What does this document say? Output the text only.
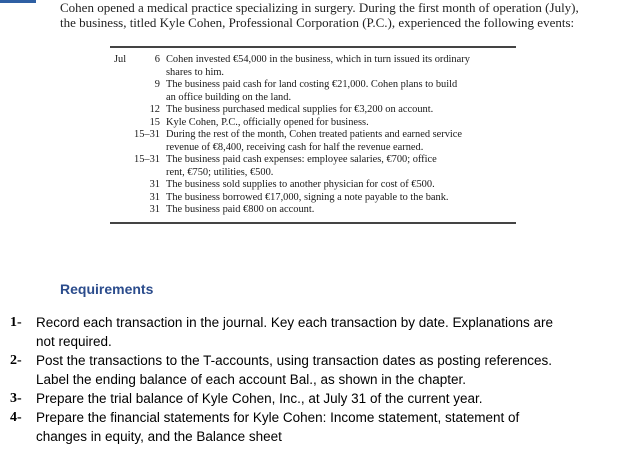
Cohen opened a medical practice specializing in surgery. During the first month of operation (July),
the business, titled Kyle Cohen, Professional Corporation (P.C.), experienced the following events:
Jul	6 Cohen invested €54,000 in the business, which in turn issued its ordinary
shares to him.
9 The business paid cash for land costing €21,000. Cohen plans to build
an office building on the land.
12 The business purchased medical supplies for €3,200 on account.
15 Kyle Cohen, P.C., officially opened for business.
15–31 During the rest of the month, Cohen treated patients and earned service
revenue of €8,400, receiving cash for half the revenue earned.
15–31 The business paid cash expenses: employee salaries, €700; office
rent, €750; utilities, €500.
31 The business sold supplies to another physician for cost of €500.
31 The business borrowed €17,000, signing a note payable to the bank.
31 The business paid €800 on account.
Requirements
1-	Record each transaction in the journal. Key each transaction by date. Explanations are
not required.
2-	Post the transactions to the T-accounts, using transaction dates as posting references.
Label the ending balance of each account Bal., as shown in the chapter.
3-	Prepare the trial balance of Kyle Cohen, Inc., at July 31 of the current year.
4-	Prepare the financial statements for Kyle Cohen: Income statement, statement of
changes in equity, and the Balance sheet
